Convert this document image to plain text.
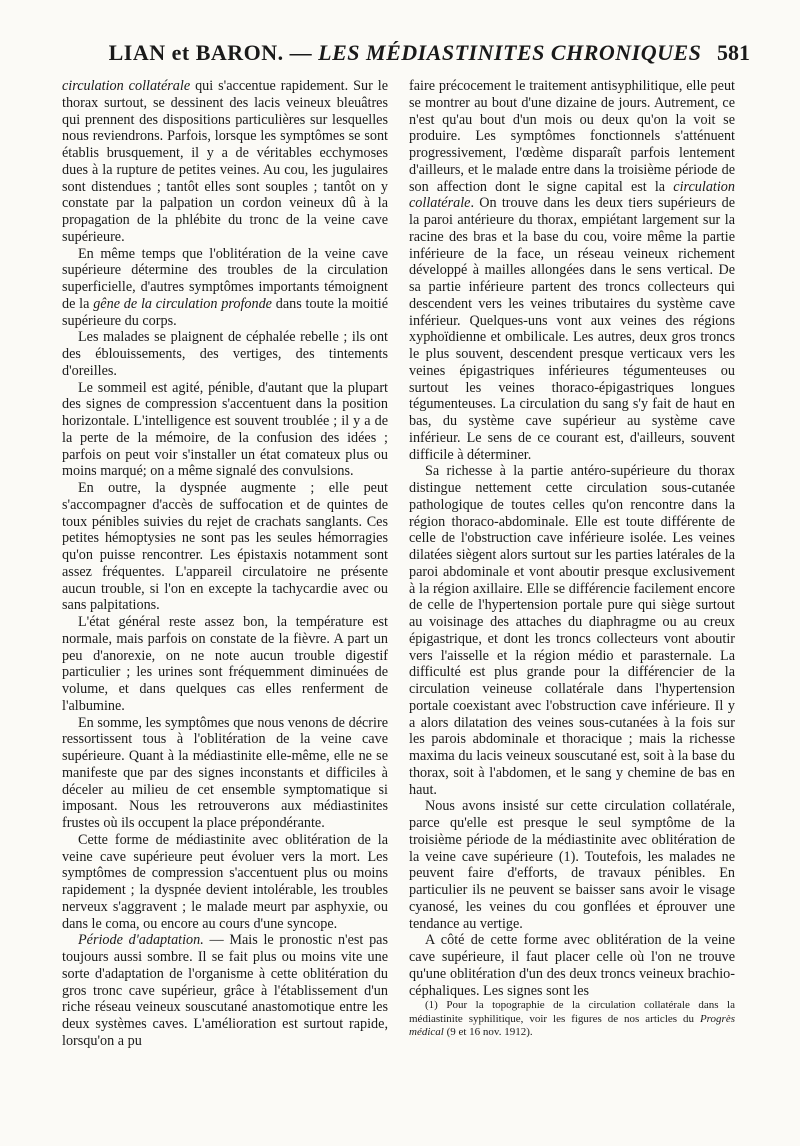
LIAN et BARON. — LES MÉDIASTINITES CHRONIQUES 581

circulation collatérale qui s'accentue rapidement. Sur le thorax surtout, se dessinent des lacis veineux bleuâtres qui prennent des dispositions particulières sur lesquelles nous reviendrons. Parfois, lorsque les symptômes se sont établis brusquement, il y a de véritables ecchymoses dues à la rupture de petites veines. Au cou, les jugulaires sont distendues ; tantôt elles sont souples ; tantôt on y constate par la palpation un cordon veineux dû à la propagation de la phlébite du tronc de la veine cave supérieure.

En même temps que l'oblitération de la veine cave supérieure détermine des troubles de la circulation superficielle, d'autres symptômes importants témoignent de la gêne de la circulation profonde dans toute la moitié supérieure du corps.

Les malades se plaignent de céphalée rebelle ; ils ont des éblouissements, des vertiges, des tintements d'oreilles.

Le sommeil est agité, pénible, d'autant que la plupart des signes de compression s'accentuent dans la position horizontale. L'intelligence est souvent troublée ; il y a de la perte de la mémoire, de la confusion des idées ; parfois on peut voir s'installer un état comateux plus ou moins marqué; on a même signalé des convulsions.

En outre, la dyspnée augmente ; elle peut s'accompagner d'accès de suffocation et de quintes de toux pénibles suivies du rejet de crachats sanglants. Ces petites hémoptysies ne sont pas les seules hémorragies qu'on puisse rencontrer. Les épistaxis notamment sont assez fréquentes. L'appareil circulatoire ne présente aucun trouble, si l'on en excepte la tachycardie avec ou sans palpitations.

L'état général reste assez bon, la température est normale, mais parfois on constate de la fièvre. A part un peu d'anorexie, on ne note aucun trouble digestif particulier ; les urines sont fréquemment diminuées de volume, et dans quelques cas elles renferment de l'albumine.

En somme, les symptômes que nous venons de décrire ressortissent tous à l'oblitération de la veine cave supérieure. Quant à la médiastinite elle-même, elle ne se manifeste que par des signes inconstants et difficiles à déceler au milieu de cet ensemble symptomatique si imposant. Nous les retrouverons aux médiastinites frustes où ils occupent la place prépondérante.

Cette forme de médiastinite avec oblitération de la veine cave supérieure peut évoluer vers la mort. Les symptômes de compression s'accentuent plus ou moins rapidement ; la dyspnée devient intolérable, les troubles nerveux s'aggravent ; le malade meurt par asphyxie, ou dans le coma, ou encore au cours d'une syncope.

Période d'adaptation. — Mais le pronostic n'est pas toujours aussi sombre. Il se fait plus ou moins vite une sorte d'adaptation de l'organisme à cette oblitération du gros tronc cave supérieur, grâce à l'établissement d'un riche réseau veineux souscutané anastomotique entre les deux systèmes caves. L'amélioration est surtout rapide, lorsqu'on a pu

faire précocement le traitement antisyphilitique, elle peut se montrer au bout d'une dizaine de jours. Autrement, ce n'est qu'au bout d'un mois ou deux qu'on la voit se produire. Les symptômes fonctionnels s'atténuent progressivement, l'œdème disparaît parfois lentement d'ailleurs, et le malade entre dans la troisième période de son affection dont le signe capital est la circulation collatérale. On trouve dans les deux tiers supérieurs de la paroi antérieure du thorax, empiétant largement sur la racine des bras et la base du cou, voire même la partie inférieure de la face, un réseau veineux richement développé à mailles allongées dans le sens vertical. De sa partie inférieure partent des troncs collecteurs qui descendent vers les veines tributaires du système cave inférieur. Quelques-uns vont aux veines des régions xyphoïdienne et ombilicale. Les autres, deux gros troncs le plus souvent, descendent presque verticaux vers les veines épigastriques inférieures tégumenteuses ou surtout les veines thoraco-épigastriques longues tégumenteuses. La circulation du sang s'y fait de haut en bas, du système cave supérieur au système cave inférieur. Le sens de ce courant est, d'ailleurs, souvent difficile à déterminer.

Sa richesse à la partie antéro-supérieure du thorax distingue nettement cette circulation sous-cutanée pathologique de toutes celles qu'on rencontre dans la région thoraco-abdominale. Elle est toute différente de celle de l'obstruction cave inférieure isolée. Les veines dilatées siègent alors surtout sur les parties latérales de la paroi abdominale et vont aboutir presque exclusivement à la région axillaire. Elle se différencie facilement encore de celle de l'hypertension portale pure qui siège surtout au voisinage des attaches du diaphragme ou au creux épigastrique, et dont les troncs collecteurs vont aboutir vers l'aisselle et la région médio et parasternale. La difficulté est plus grande pour la différencier de la circulation veineuse collatérale dans l'hypertension portale coexistant avec l'obstruction cave inférieure. Il y a alors dilatation des veines sous-cutanées à la fois sur les parois abdominale et thoracique ; mais la richesse maxima du lacis veineux souscutané est, soit à la base du thorax, soit à l'abdomen, et le sang y chemine de bas en haut.

Nous avons insisté sur cette circulation collatérale, parce qu'elle est presque le seul symptôme de la troisième période de la médiastinite avec oblitération de la veine cave supérieure (1). Toutefois, les malades ne peuvent faire d'efforts, de travaux pénibles. En particulier ils ne peuvent se baisser sans avoir le visage cyanosé, les veines du cou gonflées et éprouver une tendance au vertige.

A côté de cette forme avec oblitération de la veine cave supérieure, il faut placer celle où l'on ne trouve qu'une oblitération d'un des deux troncs veineux brachio-céphaliques. Les signes sont les

(1) Pour la topographie de la circulation collatérale dans la médiastinite syphilitique, voir les figures de nos articles du Progrès médical (9 et 16 nov. 1912).
